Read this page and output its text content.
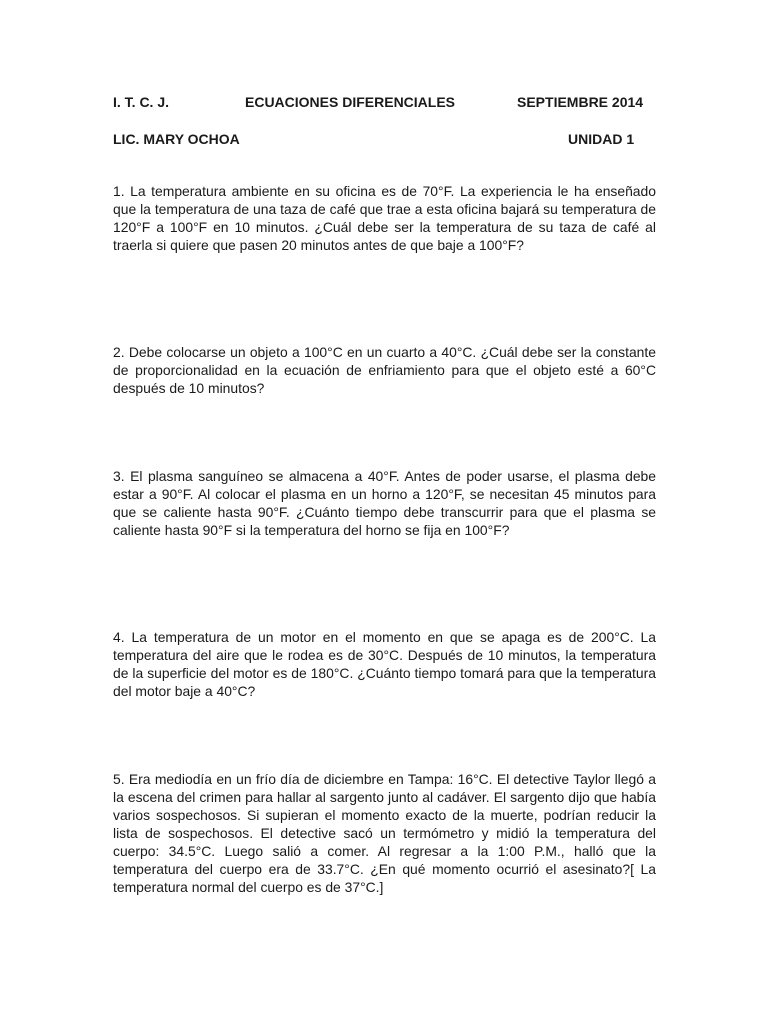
I. T. C. J.	ECUACIONES DIFERENCIALES	SEPTIEMBRE 2014
LIC. MARY OCHOA	UNIDAD 1

1. La temperatura ambiente en su oficina es de 70°F. La experiencia le ha enseñado que la temperatura de una taza de café que trae a esta oficina bajará su temperatura de 120°F a 100°F en 10 minutos. ¿Cuál debe ser la temperatura de su taza de café al traerla si quiere que pasen 20 minutos antes de que baje a 100°F?

2. Debe colocarse un objeto a 100°C en un cuarto a 40°C. ¿Cuál debe ser la constante de proporcionalidad en la ecuación de enfriamiento para que el objeto esté a 60°C después de 10 minutos?

3. El plasma sanguíneo se almacena a 40°F. Antes de poder usarse, el plasma debe estar a 90°F. Al colocar el plasma en un horno a 120°F, se necesitan 45 minutos para que se caliente hasta 90°F. ¿Cuánto tiempo debe transcurrir para que el plasma se caliente hasta 90°F si la temperatura del horno se fija en 100°F?

4. La temperatura de un motor en el momento en que se apaga es de 200°C. La temperatura del aire que le rodea es de 30°C. Después de 10 minutos, la temperatura de la superficie del motor es de 180°C. ¿Cuánto tiempo tomará para que la temperatura del motor baje a 40°C?

5. Era mediodía en un frío día de diciembre en Tampa: 16°C. El detective Taylor llegó a la escena del crimen para hallar al sargento junto al cadáver. El sargento dijo que había varios sospechosos. Si supieran el momento exacto de la muerte, podrían reducir la lista de sospechosos. El detective sacó un termómetro y midió la temperatura del cuerpo: 34.5°C. Luego salió a comer. Al regresar a la 1:00 P.M., halló que la temperatura del cuerpo era de 33.7°C. ¿En qué momento ocurrió el asesinato?[ La temperatura normal del cuerpo es de 37°C.]
